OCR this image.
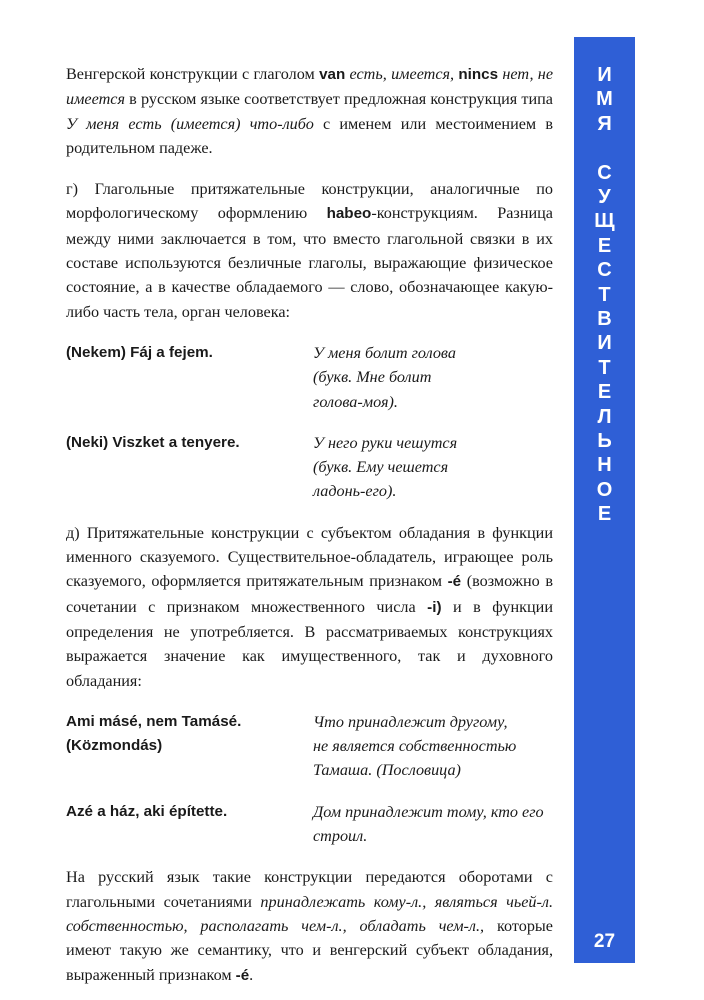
Венгерской конструкции с глаголом van есть, имеется, nincs нет, не имеется в русском языке соответствует предложная конструкция типа У меня есть (имеется) что-либо с именем или местоимением в родительном падеже.

г) Глагольные притяжательные конструкции, аналогичные по морфологическому оформлению habeo-конструкциям. Разница между ними заключается в том, что вместо глагольной связки в их составе используются безличные глаголы, выражающие физическое состояние, а в качестве обладаемого — слово, обозначающее какую-либо часть тела, орган человека:

(Nekem) Fáj a fejem.	У меня болит голова
(букв. Мне болит
голова-моя).
(Neki) Viszket a tenyere.	У него руки чешутся
(букв. Ему чешется
ладонь-его).

д) Притяжательные конструкции с субъектом обладания в функции именного сказуемого. Существительное-обладатель, играющее роль сказуемого, оформляется притяжательным признаком -é (возможно в сочетании с признаком множественного числа -i) и в функции определения не употребляется. В рассматриваемых конструкциях выражается значение как имущественного, так и духовного обладания:

Ami másé, nem Tamásé.
(Közmondás)
Что принадлежит другому,
не является собственностью
Тамаша. (Пословица)
Azé a ház, aki építette.	Дом принадлежит тому, кто его
строил.

На русский язык такие конструкции передаются оборотами с глагольными сочетаниями принадлежать кому-л., являться чьей-л. собственностью, располагать чем-л., обладать чем-л., которые имеют такую же семантику, что и венгерский субъект обладания, выраженный признаком -é.

И
М
Я
С
У
Щ
Е
С
Т
В
И
Т
Е
Л
Ь
Н
О
Е
27
